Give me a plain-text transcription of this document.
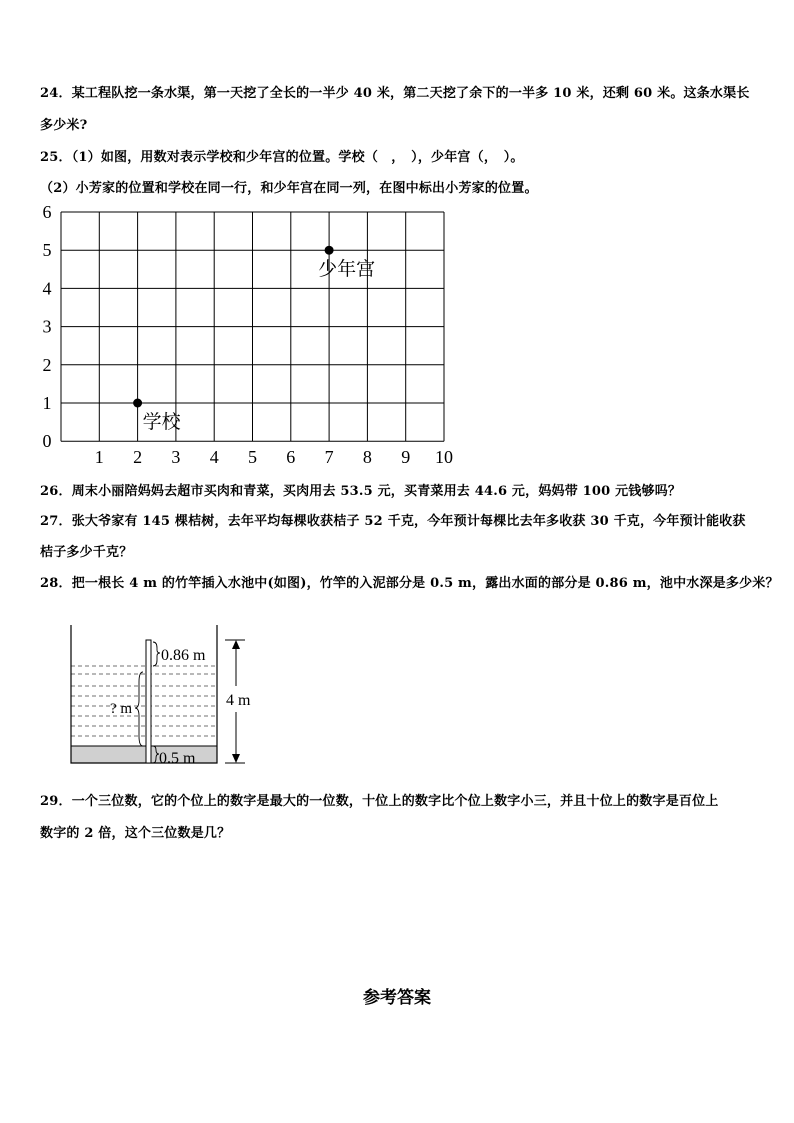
24．某工程队挖一条水渠，第一天挖了全长的一半少 40 米，第二天挖了余下的一半多 10 米，还剩 60 米。这条水渠长
多少米?
25．（1）如图，用数对表示学校和少年宫的位置。学校（　，　），少年宫（，　）。
（2）小芳家的位置和学校在同一行，和少年宫在同一列，在图中标出小芳家的位置。
1 2 3 4 5 6 7 8 9 10
0
1
2
3
4
5
6
学校
少年宫
26．周末小丽陪妈妈去超市买肉和青菜，买肉用去 53.5 元，买青菜用去 44.6 元，妈妈带 100 元钱够吗？
27．张大爷家有 145 棵桔树，去年平均每棵收获桔子 52 千克，今年预计每棵比去年多收获 30 千克，今年预计能收获
桔子多少千克？
28．把一根长 4 m 的竹竿插入水池中(如图)，竹竿的入泥部分是 0.5 m，露出水面的部分是 0.86 m，池中水深是多少米？
0.86 m
? m
0.5 m
4 m
29．一个三位数，它的个位上的数字是最大的一位数，十位上的数字比个位上数字小三，并且十位上的数字是百位上
数字的 2 倍，这个三位数是几？
参考答案
